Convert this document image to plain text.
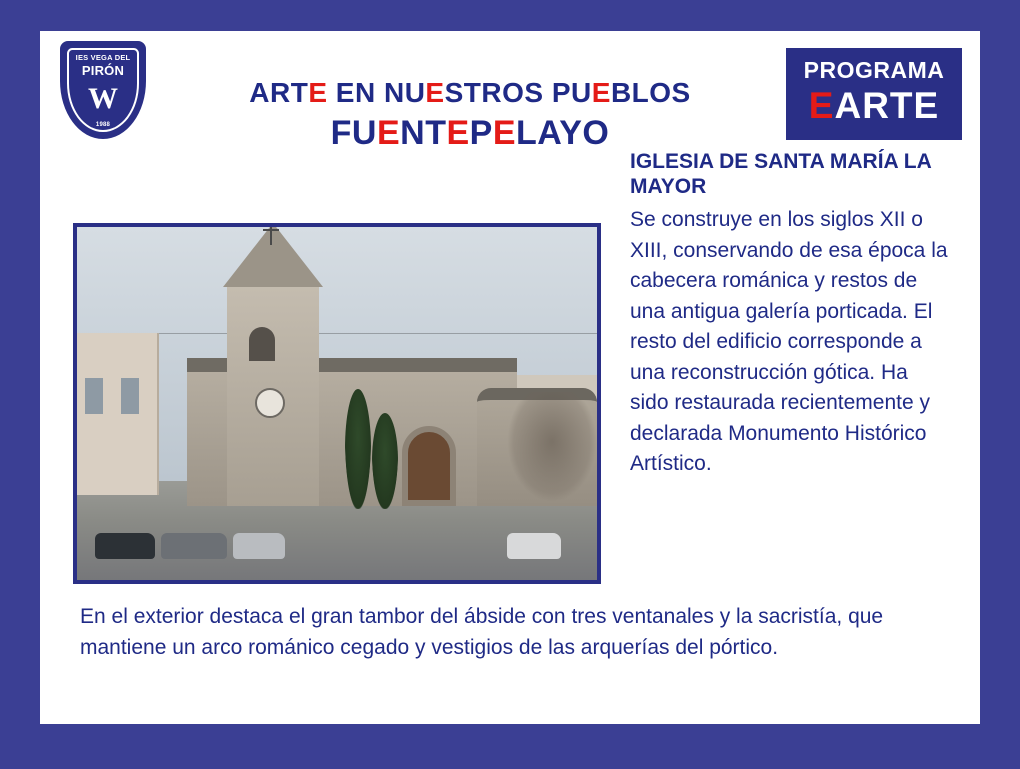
IES VEGA DEL
PIRÓN
W
1988
ARTE EN NUESTROS PUEBLOS
FUENTEPELAYO
PROGRAMA
EARTE
IGLESIA DE SANTA MARÍA LA MAYOR

Se construye en los siglos XII o XIII, conservando de esa época la cabecera románica y restos de una antigua galería porticada. El resto del edificio corresponde a una reconstrucción gótica. Ha sido restaurada recientemente y declarada Monumento Histórico Artístico.

En el exterior destaca el gran tambor del ábside con tres ventanales y la sacristía, que mantiene un arco románico cegado y vestigios de las arquerías del pórtico.
